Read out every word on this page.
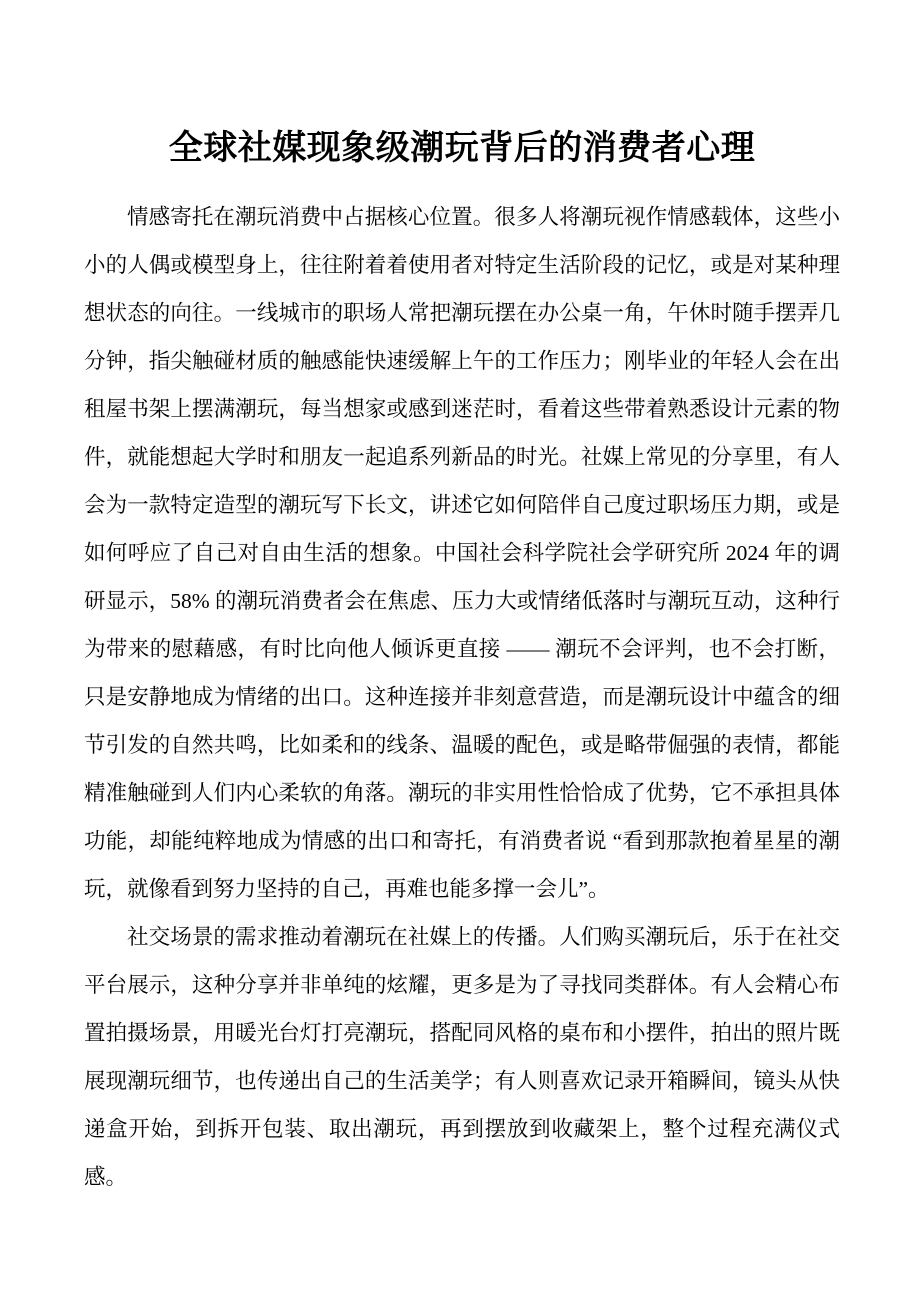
全球社媒现象级潮玩背后的消费者心理

情感寄托在潮玩消费中占据核心位置。很多人将潮玩视作情感载体，这些小小的人偶或模型身上，往往附着着使用者对特定生活阶段的记忆，或是对某种理想状态的向往。一线城市的职场人常把潮玩摆在办公桌一角，午休时随手摆弄几分钟，指尖触碰材质的触感能快速缓解上午的工作压力；刚毕业的年轻人会在出租屋书架上摆满潮玩，每当想家或感到迷茫时，看着这些带着熟悉设计元素的物件，就能想起大学时和朋友一起追系列新品的时光。社媒上常见的分享里，有人会为一款特定造型的潮玩写下长文，讲述它如何陪伴自己度过职场压力期，或是如何呼应了自己对自由生活的想象。中国社会科学院社会学研究所 2024 年的调研显示，58% 的潮玩消费者会在焦虑、压力大或情绪低落时与潮玩互动，这种行为带来的慰藉感，有时比向他人倾诉更直接 —— 潮玩不会评判，也不会打断，只是安静地成为情绪的出口。这种连接并非刻意营造，而是潮玩设计中蕴含的细节引发的自然共鸣，比如柔和的线条、温暖的配色，或是略带倔强的表情，都能精准触碰到人们内心柔软的角落。潮玩的非实用性恰恰成了优势，它不承担具体功能，却能纯粹地成为情感的出口和寄托，有消费者说 “看到那款抱着星星的潮玩，就像看到努力坚持的自己，再难也能多撑一会儿”。

社交场景的需求推动着潮玩在社媒上的传播。人们购买潮玩后，乐于在社交平台展示，这种分享并非单纯的炫耀，更多是为了寻找同类群体。有人会精心布置拍摄场景，用暖光台灯打亮潮玩，搭配同风格的桌布和小摆件，拍出的照片既展现潮玩细节，也传递出自己的生活美学；有人则喜欢记录开箱瞬间，镜头从快递盒开始，到拆开包装、取出潮玩，再到摆放到收藏架上，整个过程充满仪式感。
